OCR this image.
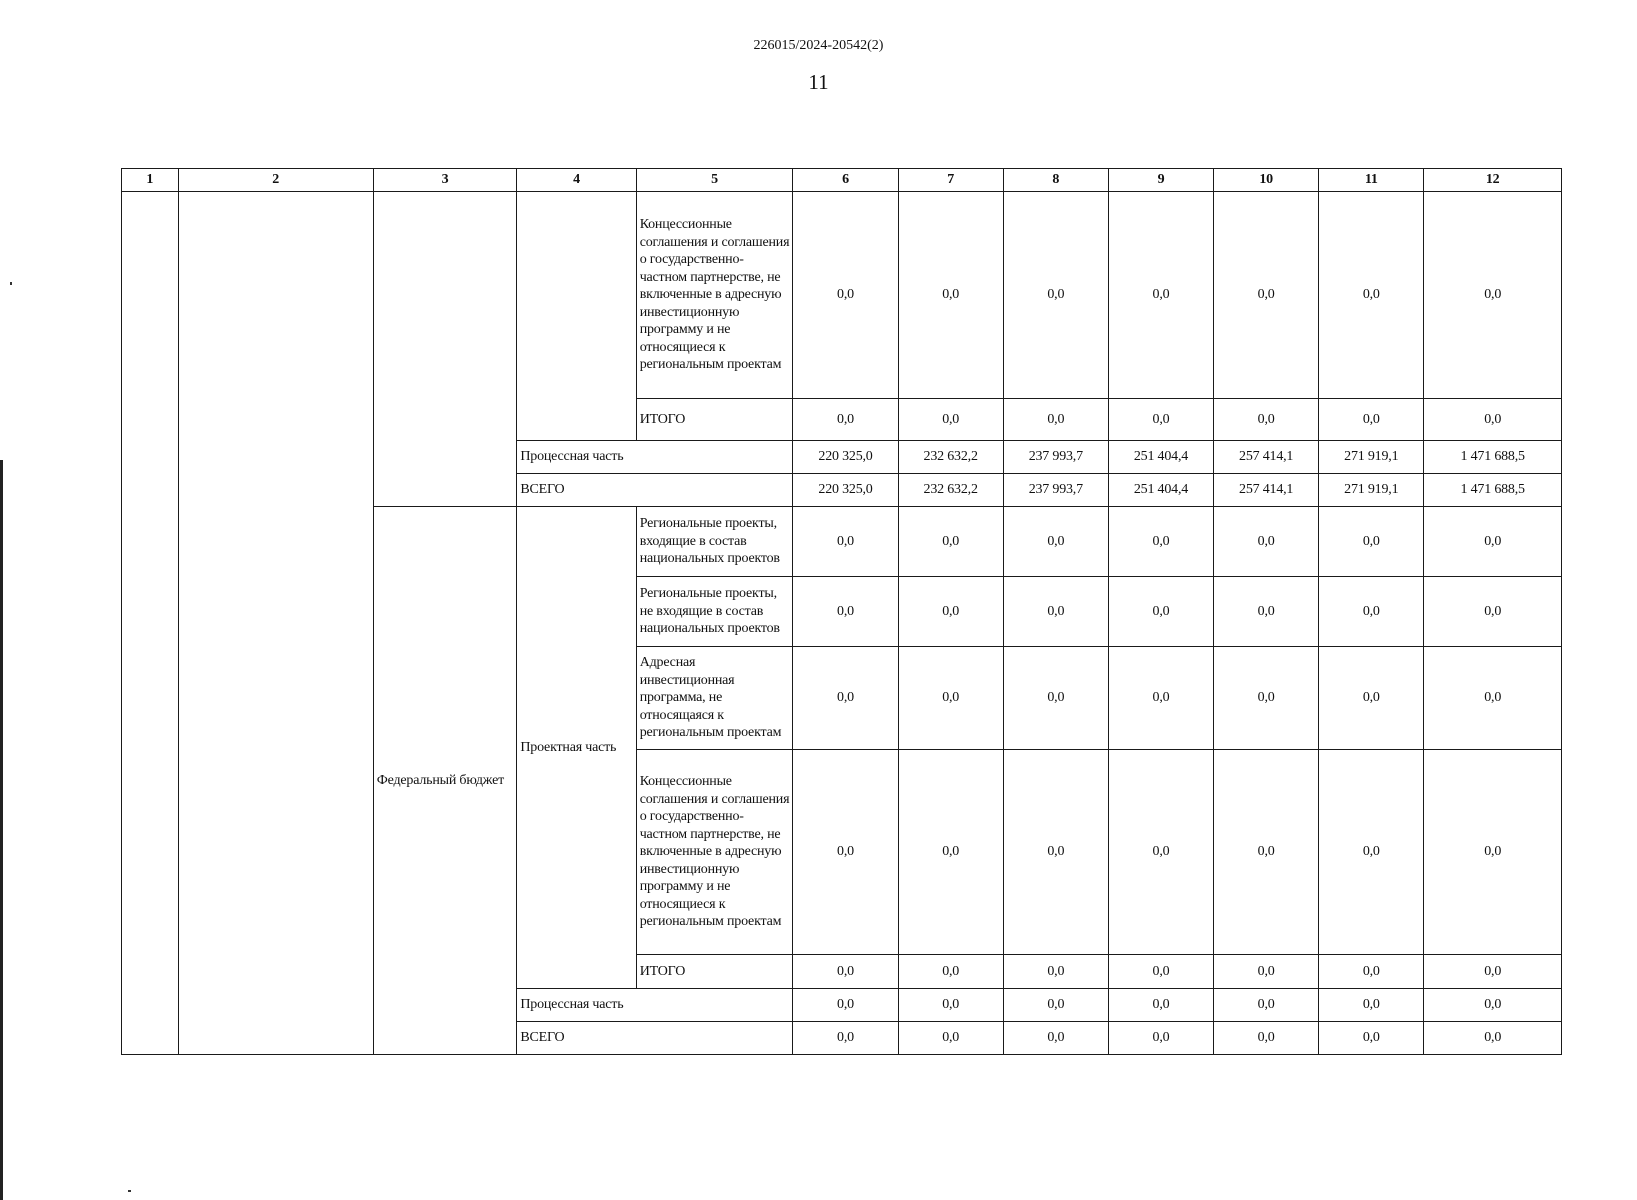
226015/2024-20542(2)
11
1	2	3	4	5	6	7	8	9	10	11	12
				Концессионные соглашения и соглашения о государственно-частном партнерстве, не включенные в адресную инвестиционную программу и не относящиеся к региональным проектам	0,0	0,0	0,0	0,0	0,0	0,0	0,0
				ИТОГО	0,0	0,0	0,0	0,0	0,0	0,0	0,0
			Процессная часть		220 325,0	232 632,2	237 993,7	251 404,4	257 414,1	271 919,1	1 471 688,5
			ВСЕГО		220 325,0	232 632,2	237 993,7	251 404,4	257 414,1	271 919,1	1 471 688,5
		Федеральный бюджет	Проектная часть	Региональные проекты, входящие в состав национальных проектов	0,0	0,0	0,0	0,0	0,0	0,0	0,0
				Региональные проекты, не входящие в состав национальных проектов	0,0	0,0	0,0	0,0	0,0	0,0	0,0
				Адресная инвестиционная программа, не относящаяся к региональным проектам	0,0	0,0	0,0	0,0	0,0	0,0	0,0
				Концессионные соглашения и соглашения о государственно-частном партнерстве, не включенные в адресную инвестиционную программу и не относящиеся к региональным проектам	0,0	0,0	0,0	0,0	0,0	0,0	0,0
				ИТОГО	0,0	0,0	0,0	0,0	0,0	0,0	0,0
			Процессная часть		0,0	0,0	0,0	0,0	0,0	0,0	0,0
			ВСЕГО		0,0	0,0	0,0	0,0	0,0	0,0	0,0
